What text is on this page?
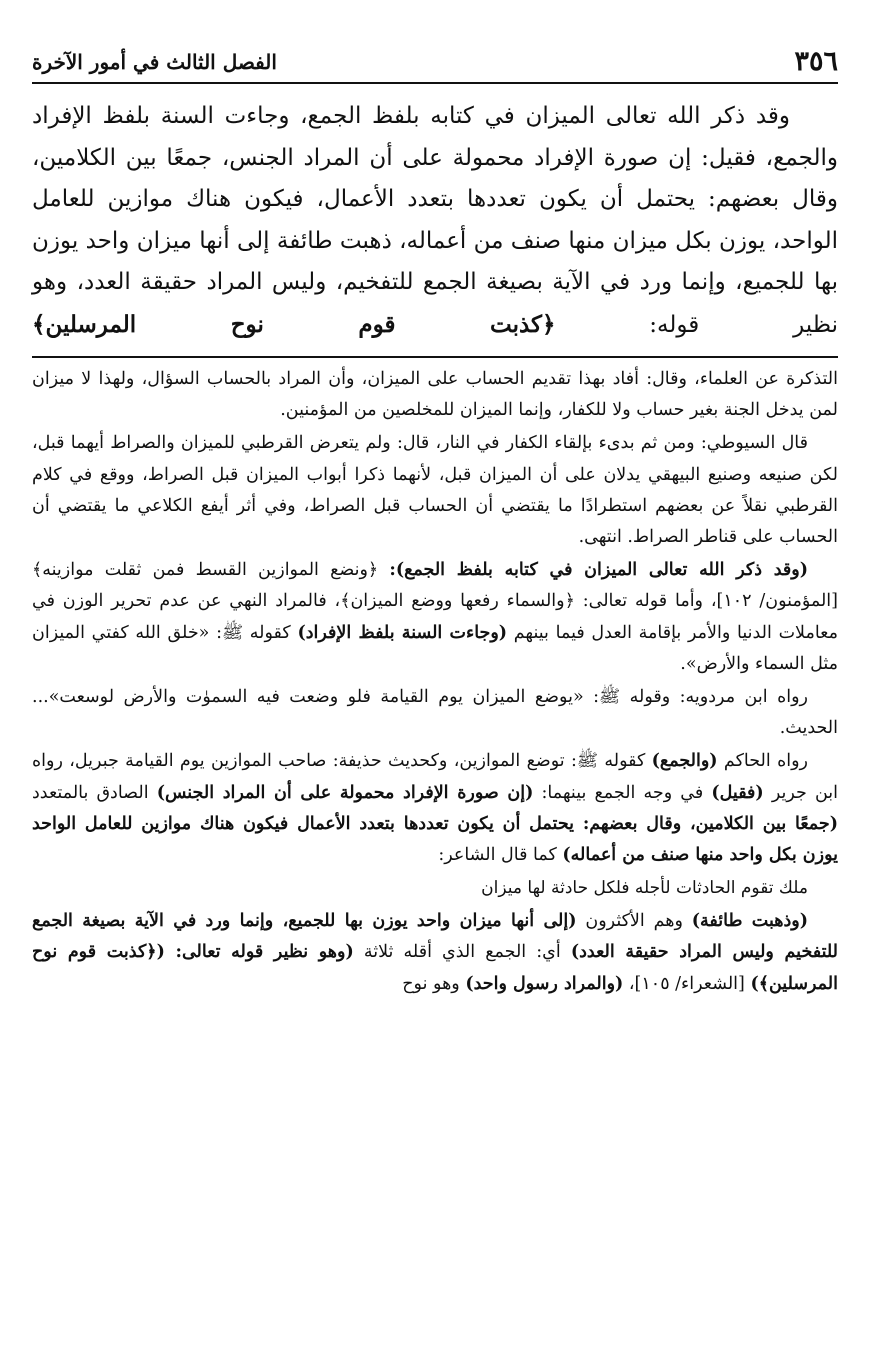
٣٥٦
الفصل الثالث في أمور الآخرة
وقد ذكر الله تعالى الميزان في كتابه بلفظ الجمع، وجاءت السنة بلفظ الإفراد والجمع، فقيل: إن صورة الإفراد محمولة على أن المراد الجنس، جمعًا بين الكلامين، وقال بعضهم: يحتمل أن يكون تعددها بتعدد الأعمال، فيكون هناك موازين للعامل الواحد، يوزن بكل ميزان منها صنف من أعماله، ذهبت طائفة إلى أنها ميزان واحد يوزن بها للجميع، وإنما ورد في الآية بصيغة الجمع للتفخيم، وليس المراد حقيقة العدد، وهو نظير قوله: ﴿كذبت قوم نوح المرسلين﴾

التذكرة عن العلماء، وقال: أفاد بهذا تقديم الحساب على الميزان، وأن المراد بالحساب السؤال، ولهذا لا ميزان لمن يدخل الجنة بغير حساب ولا للكفار، وإنما الميزان للمخلصين من المؤمنين.

قال السيوطي: ومن ثم بدىء بإلقاء الكفار في النار، قال: ولم يتعرض القرطبي للميزان والصراط أيهما قبل، لكن صنيعه وصنيع البيهقي يدلان على أن الميزان قبل، لأنهما ذكرا أبواب الميزان قبل الصراط، ووقع في كلام القرطبي نقلاً عن بعضهم استطرادًا ما يقتضي أن الحساب قبل الصراط، وفي أثر أيفع الكلاعي ما يقتضي أن الحساب على قناطر الصراط. انتهى.

(وقد ذكر الله تعالى الميزان في كتابه بلفظ الجمع): ﴿ونضع الموازين القسط فمن ثقلت موازينه﴾ [المؤمنون/ ١٠٢]، وأما قوله تعالى: ﴿والسماء رفعها ووضع الميزان﴾، فالمراد النهي عن عدم تحرير الوزن في معاملات الدنيا والأمر بإقامة العدل فيما بينهم (وجاءت السنة بلفظ الإفراد) كقوله ﷺ: «خلق الله كفتي الميزان مثل السماء والأرض».

رواه ابن مردويه: وقوله ﷺ: «يوضع الميزان يوم القيامة فلو وضعت فيه السموٰت والأرض لوسعت»... الحديث.

رواه الحاكم (والجمع) كقوله ﷺ: توضع الموازين، وكحديث حذيفة: صاحب الموازين يوم القيامة جبريل، رواه ابن جرير (فقيل) في وجه الجمع بينهما: (إن صورة الإفراد محمولة على أن المراد الجنس) الصادق بالمتعدد (جمعًا بين الكلامين، وقال بعضهم: يحتمل أن يكون تعددها بتعدد الأعمال فيكون هناك موازين للعامل الواحد يوزن بكل واحد منها صنف من أعماله) كما قال الشاعر:

ملك تقوم الحادثات لأجله فلكل حادثة لها ميزان

(وذهبت طائفة) وهم الأكثرون (إلى أنها ميزان واحد يوزن بها للجميع، وإنما ورد في الآية بصيغة الجمع للتفخيم وليس المراد حقيقة العدد) أي: الجمع الذي أقله ثلاثة (وهو نظير قوله تعالى: (﴿كذبت قوم نوح المرسلين﴾) [الشعراء/ ١٠٥]، (والمراد رسول واحد) وهو نوح
